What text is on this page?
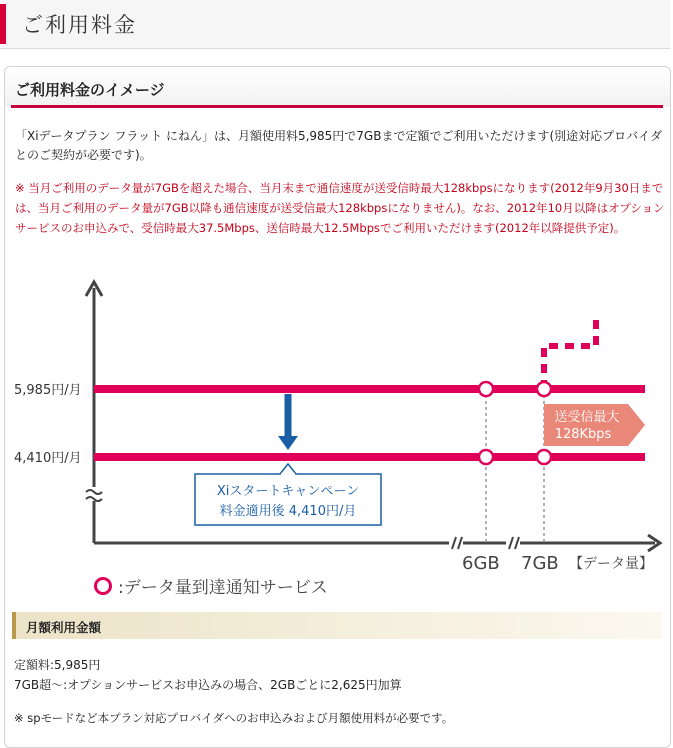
ご利用料金
ご利用料金のイメージ
「Xiデータプラン フラット にねん」は、月額使用料5,985円で7GBまで定額でご利用いただけます(別途対応プロバイダとのご契約が必要です)。
※ 当月ご利用のデータ量が7GBを超えた場合、当月末まで通信速度が送受信時最大128kbpsになります(2012年9月30日までは、当月ご利用のデータ量が7GB以降も通信速度が送受信最大128kbpsになりません)。なお、2012年10月以降はオプションサービスのお申込みで、受信時最大37.5Mbps、送信時最大12.5Mbpsでご利用いただけます(2012年以降提供予定)。
送受信最大
128Kbps
Xiスタートキャンペーン
料金適用後 4,410円/月
5,985円/月
4,410円/月
6GB 7GB 【データ量】
:データ量到達通知サービス
月額利用金額
定額料:5,985円
7GB超〜:オプションサービスお申込みの場合、2GBごとに2,625円加算
※ spモードなど本プラン対応プロバイダへのお申込みおよび月額使用料が必要です。
